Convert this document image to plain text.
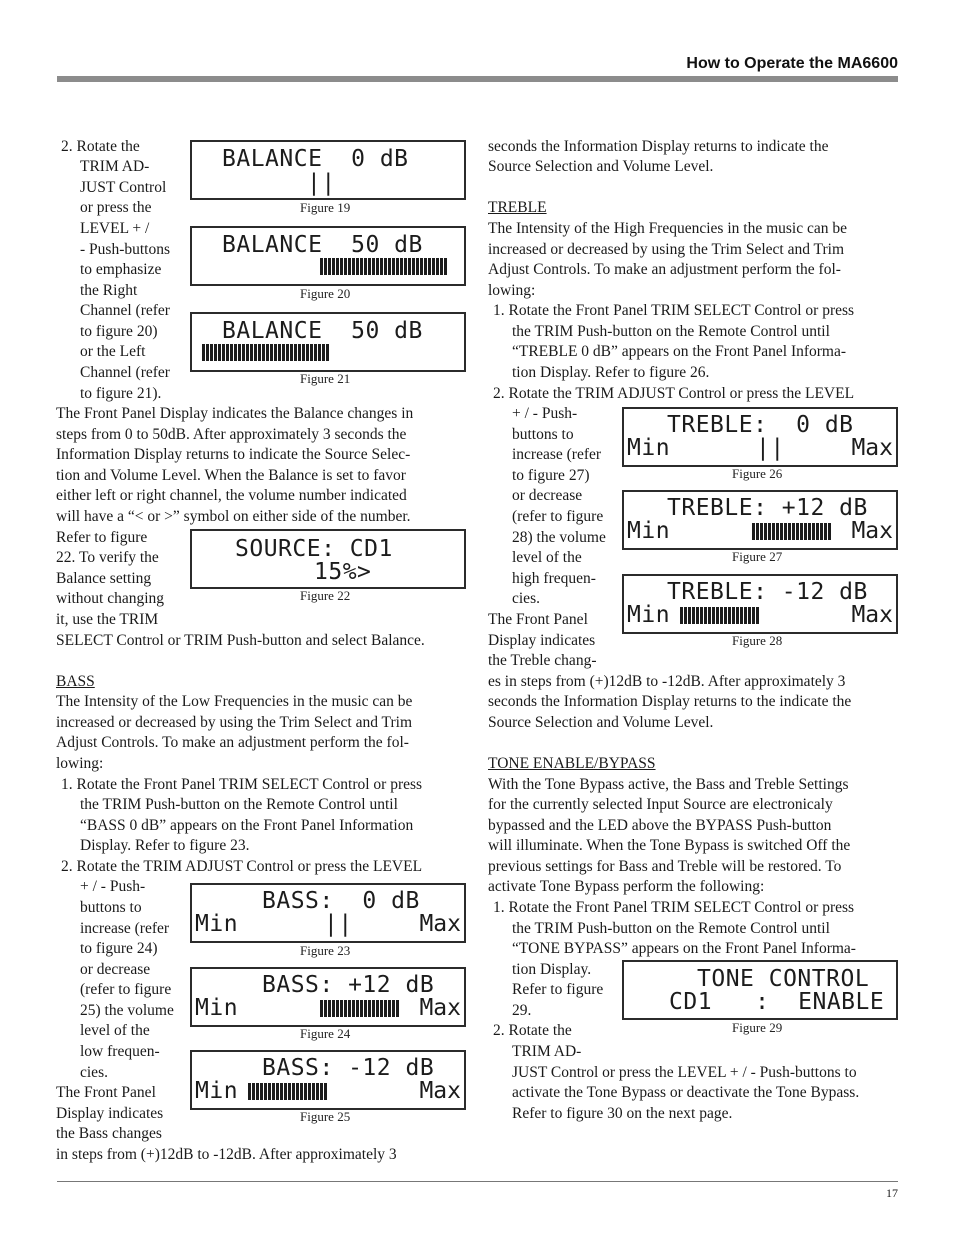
How to Operate the MA6600
2. Rotate the
TRIM AD-
JUST Control
or press the
LEVEL + /
- Push-buttons
to emphasize
the Right
Channel (refer
to figure 20)
or the Left
Channel (refer
to figure 21).
The Front Panel Display indicates the Balance changes in
steps from 0 to 50dB. After approximately 3 seconds the
Information Display returns to indicate the Source Selec-
tion and Volume Level. When the Balance is set to favor
either left or right channel, the volume number indicated
will have a “< or >” symbol on either side of the number.
Refer to figure
22. To verify the
Balance setting
without changing
it, use the TRIM
SELECT Control or TRIM Push-button and select Balance.
BASS
The Intensity of the Low Frequencies in the music can be
increased or decreased by using the Trim Select and Trim
Adjust Controls. To make an adjustment perform the fol-
lowing:
1. Rotate the Front Panel TRIM SELECT Control or press
the TRIM Push-button on the Remote Control until
“BASS 0 dB” appears on the Front Panel Information
Display. Refer to figure 23.
2. Rotate the TRIM ADJUST Control or press the LEVEL
+ / - Push-
buttons to
increase (refer
to figure 24)
or decrease
(refer to figure
25) the volume
level of the
low frequen-
cies.
The Front Panel
Display indicates
the Bass changes
in steps from (+)12dB to -12dB. After approximately 3
seconds the Information Display returns to indicate the
Source Selection and Volume Level.
TREBLE
The Intensity of the High Frequencies in the music can be
increased or decreased by using the Trim Select and Trim
Adjust Controls. To make an adjustment perform the fol-
lowing:
1. Rotate the Front Panel TRIM SELECT Control or press
the TRIM Push-button on the Remote Control until
“TREBLE 0 dB” appears on the Front Panel Informa-
tion Display. Refer to figure 26.
2. Rotate the TRIM ADJUST Control or press the LEVEL
+ / - Push-
buttons to
increase (refer
to figure 27)
or decrease
(refer to figure
28) the volume
level of the
high frequen-
cies.
The Front Panel
Display indicates
the Treble chang-
es in steps from (+)12dB to -12dB. After approximately 3
seconds the Information Display returns to the indicate the
Source Selection and Volume Level.
TONE ENABLE/BYPASS
With the Tone Bypass active, the Bass and Treble Settings
for the currently selected Input Source are electronicaly
bypassed and the LED above the BYPASS Push-button
will illuminate. When the Tone Bypass is switched Off the
previous settings for Bass and Treble will be restored. To
activate Tone Bypass perform the following:
1. Rotate the Front Panel TRIM SELECT Control or press
the TRIM Push-button on the Remote Control until
“TONE BYPASS” appears on the Front Panel Informa-
tion Display.
Refer to figure
29.
2. Rotate the
TRIM AD-
JUST Control or press the LEVEL + / - Push-buttons to
activate the Tone Bypass or deactivate the Tone Bypass.
Refer to figure 30 on the next page.
BALANCE  0 dB
||
Figure 19
BALANCE  50 dB
Figure 20
BALANCE  50 dB
Figure 21
SOURCE: CD1
15%>
Figure 22
BASS:  0 dB
Min	||	Max
Figure 23
BASS: +12 dB
Min	Max
Figure 24
BASS: -12 dB
Min	Max
Figure 25
TREBLE:  0 dB
Min	||	Max
Figure 26
TREBLE: +12 dB
Min	Max
Figure 27
TREBLE: -12 dB
Min	Max
Figure 28
TONE CONTROL
CD1   :  ENABLE
Figure 29
17
